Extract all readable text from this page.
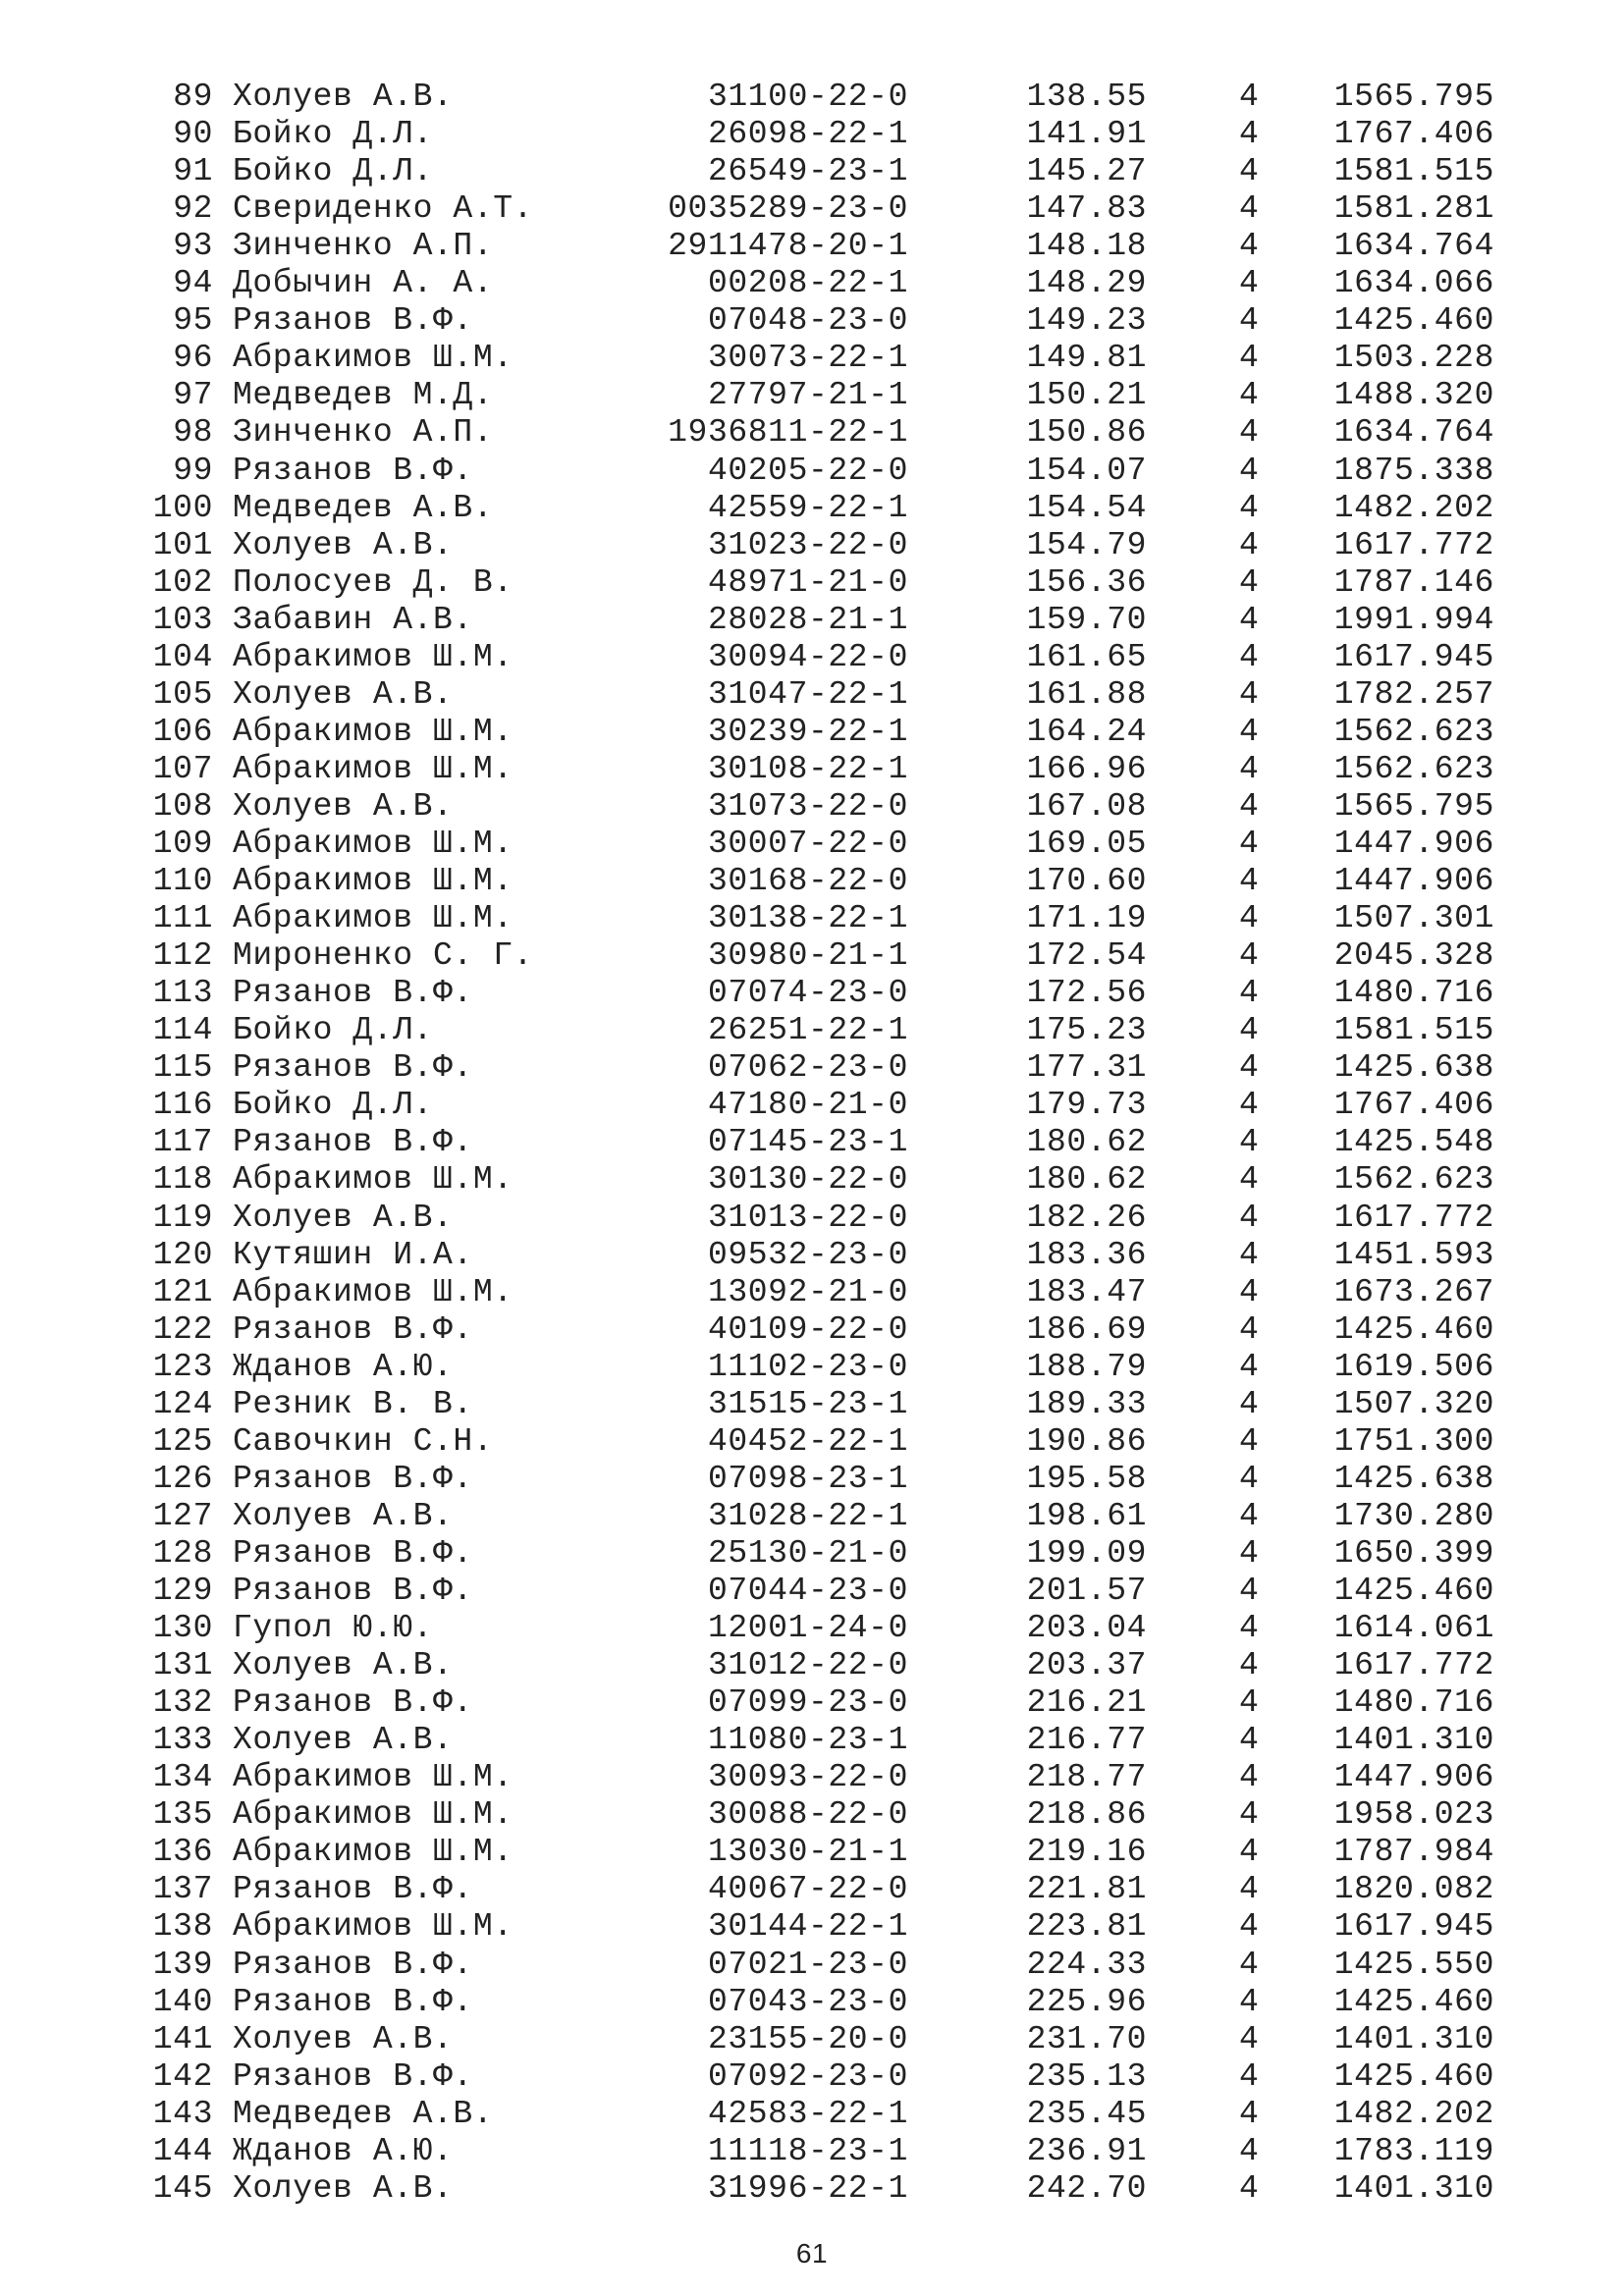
89 Холуев А.В.	31100-22-0	138.55	4 1565.795
90 Бойко Д.Л.	26098-22-1	141.91	4 1767.406
91 Бойко Д.Л.	26549-23-1	145.27	4 1581.515
92 Свериденко А.Т.	0035289-23-0	147.83	4 1581.281
93 Зинченко А.П.	2911478-20-1	148.18	4 1634.764
94 Добычин А. А.	00208-22-1	148.29	4 1634.066
95 Рязанов В.Ф.	07048-23-0	149.23	4 1425.460
96 Абракимов Ш.М.	30073-22-1	149.81	4 1503.228
97 Медведев М.Д.	27797-21-1	150.21	4 1488.320
98 Зинченко А.П.	1936811-22-1	150.86	4 1634.764
99 Рязанов В.Ф.	40205-22-0	154.07	4 1875.338
100 Медведев А.В.	42559-22-1	154.54	4 1482.202
101 Холуев А.В.	31023-22-0	154.79	4 1617.772
102 Полосуев Д. В.	48971-21-0	156.36	4 1787.146
103 Забавин А.В.	28028-21-1	159.70	4 1991.994
104 Абракимов Ш.М.	30094-22-0	161.65	4 1617.945
105 Холуев А.В.	31047-22-1	161.88	4 1782.257
106 Абракимов Ш.М.	30239-22-1	164.24	4 1562.623
107 Абракимов Ш.М.	30108-22-1	166.96	4 1562.623
108 Холуев А.В.	31073-22-0	167.08	4 1565.795
109 Абракимов Ш.М.	30007-22-0	169.05	4 1447.906
110 Абракимов Ш.М.	30168-22-0	170.60	4 1447.906
111 Абракимов Ш.М.	30138-22-1	171.19	4 1507.301
112 Мироненко С. Г.	30980-21-1	172.54	4 2045.328
113 Рязанов В.Ф.	07074-23-0	172.56	4 1480.716
114 Бойко Д.Л.	26251-22-1	175.23	4 1581.515
115 Рязанов В.Ф.	07062-23-0	177.31	4 1425.638
116 Бойко Д.Л.	47180-21-0	179.73	4 1767.406
117 Рязанов В.Ф.	07145-23-1	180.62	4 1425.548
118 Абракимов Ш.М.	30130-22-0	180.62	4 1562.623
119 Холуев А.В.	31013-22-0	182.26	4 1617.772
120 Кутяшин И.А.	09532-23-0	183.36	4 1451.593
121 Абракимов Ш.М.	13092-21-0	183.47	4 1673.267
122 Рязанов В.Ф.	40109-22-0	186.69	4 1425.460
123 Жданов А.Ю.	11102-23-0	188.79	4 1619.506
124 Резник В. В.	31515-23-1	189.33	4 1507.320
125 Савочкин С.Н.	40452-22-1	190.86	4 1751.300
126 Рязанов В.Ф.	07098-23-1	195.58	4 1425.638
127 Холуев А.В.	31028-22-1	198.61	4 1730.280
128 Рязанов В.Ф.	25130-21-0	199.09	4 1650.399
129 Рязанов В.Ф.	07044-23-0	201.57	4 1425.460
130 Гупол Ю.Ю.	12001-24-0	203.04	4 1614.061
131 Холуев А.В.	31012-22-0	203.37	4 1617.772
132 Рязанов В.Ф.	07099-23-0	216.21	4 1480.716
133 Холуев А.В.	11080-23-1	216.77	4 1401.310
134 Абракимов Ш.М.	30093-22-0	218.77	4 1447.906
135 Абракимов Ш.М.	30088-22-0	218.86	4 1958.023
136 Абракимов Ш.М.	13030-21-1	219.16	4 1787.984
137 Рязанов В.Ф.	40067-22-0	221.81	4 1820.082
138 Абракимов Ш.М.	30144-22-1	223.81	4 1617.945
139 Рязанов В.Ф.	07021-23-0	224.33	4 1425.550
140 Рязанов В.Ф.	07043-23-0	225.96	4 1425.460
141 Холуев А.В.	23155-20-0	231.70	4 1401.310
142 Рязанов В.Ф.	07092-23-0	235.13	4 1425.460
143 Медведев А.В.	42583-22-1	235.45	4 1482.202
144 Жданов А.Ю.	11118-23-1	236.91	4 1783.119
145 Холуев А.В.	31996-22-1	242.70	4 1401.310
61
